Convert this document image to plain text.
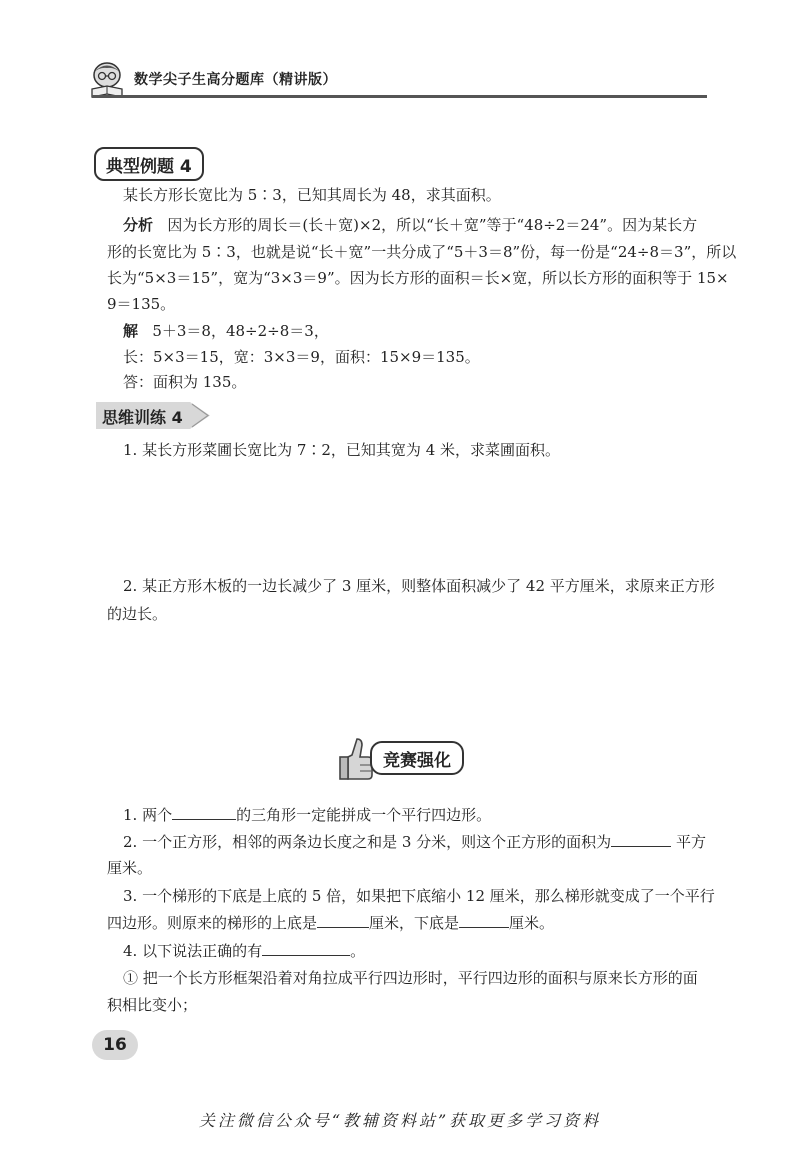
数学尖子生高分题库（精讲版）
典型例题 4
某长方形长宽比为 5∶3，已知其周长为 48，求其面积。
分析 因为长方形的周长＝(长＋宽)×2，所以“长＋宽”等于“48÷2＝24”。因为某长方
形的长宽比为 5∶3，也就是说“长＋宽”一共分成了“5＋3＝8”份，每一份是“24÷8＝3”，所以
长为“5×3＝15”，宽为“3×3＝9”。因为长方形的面积＝长×宽，所以长方形的面积等于 15×
9＝135。
解 5＋3＝8，48÷2÷8＝3，
长：5×3＝15，宽：3×3＝9，面积：15×9＝135。
答：面积为 135。
思维训练 4
1. 某长方形菜圃长宽比为 7∶2，已知其宽为 4 米，求菜圃面积。
2. 某正方形木板的一边长减少了 3 厘米，则整体面积减少了 42 平方厘米，求原来正方形
的边长。
竞赛强化
1. 两个	的三角形一定能拼成一个平行四边形。
2. 一个正方形，相邻的两条边长度之和是 3 分米，则这个正方形的面积为	平方
厘米。
3. 一个梯形的下底是上底的 5 倍，如果把下底缩小 12 厘米，那么梯形就变成了一个平行
四边形。则原来的梯形的上底是	厘米，下底是	厘米。
4. 以下说法正确的有	。
① 把一个长方形框架沿着对角拉成平行四边形时，平行四边形的面积与原来长方形的面
积相比变小；
16
关注微信公众号“教辅资料站”获取更多学习资料
